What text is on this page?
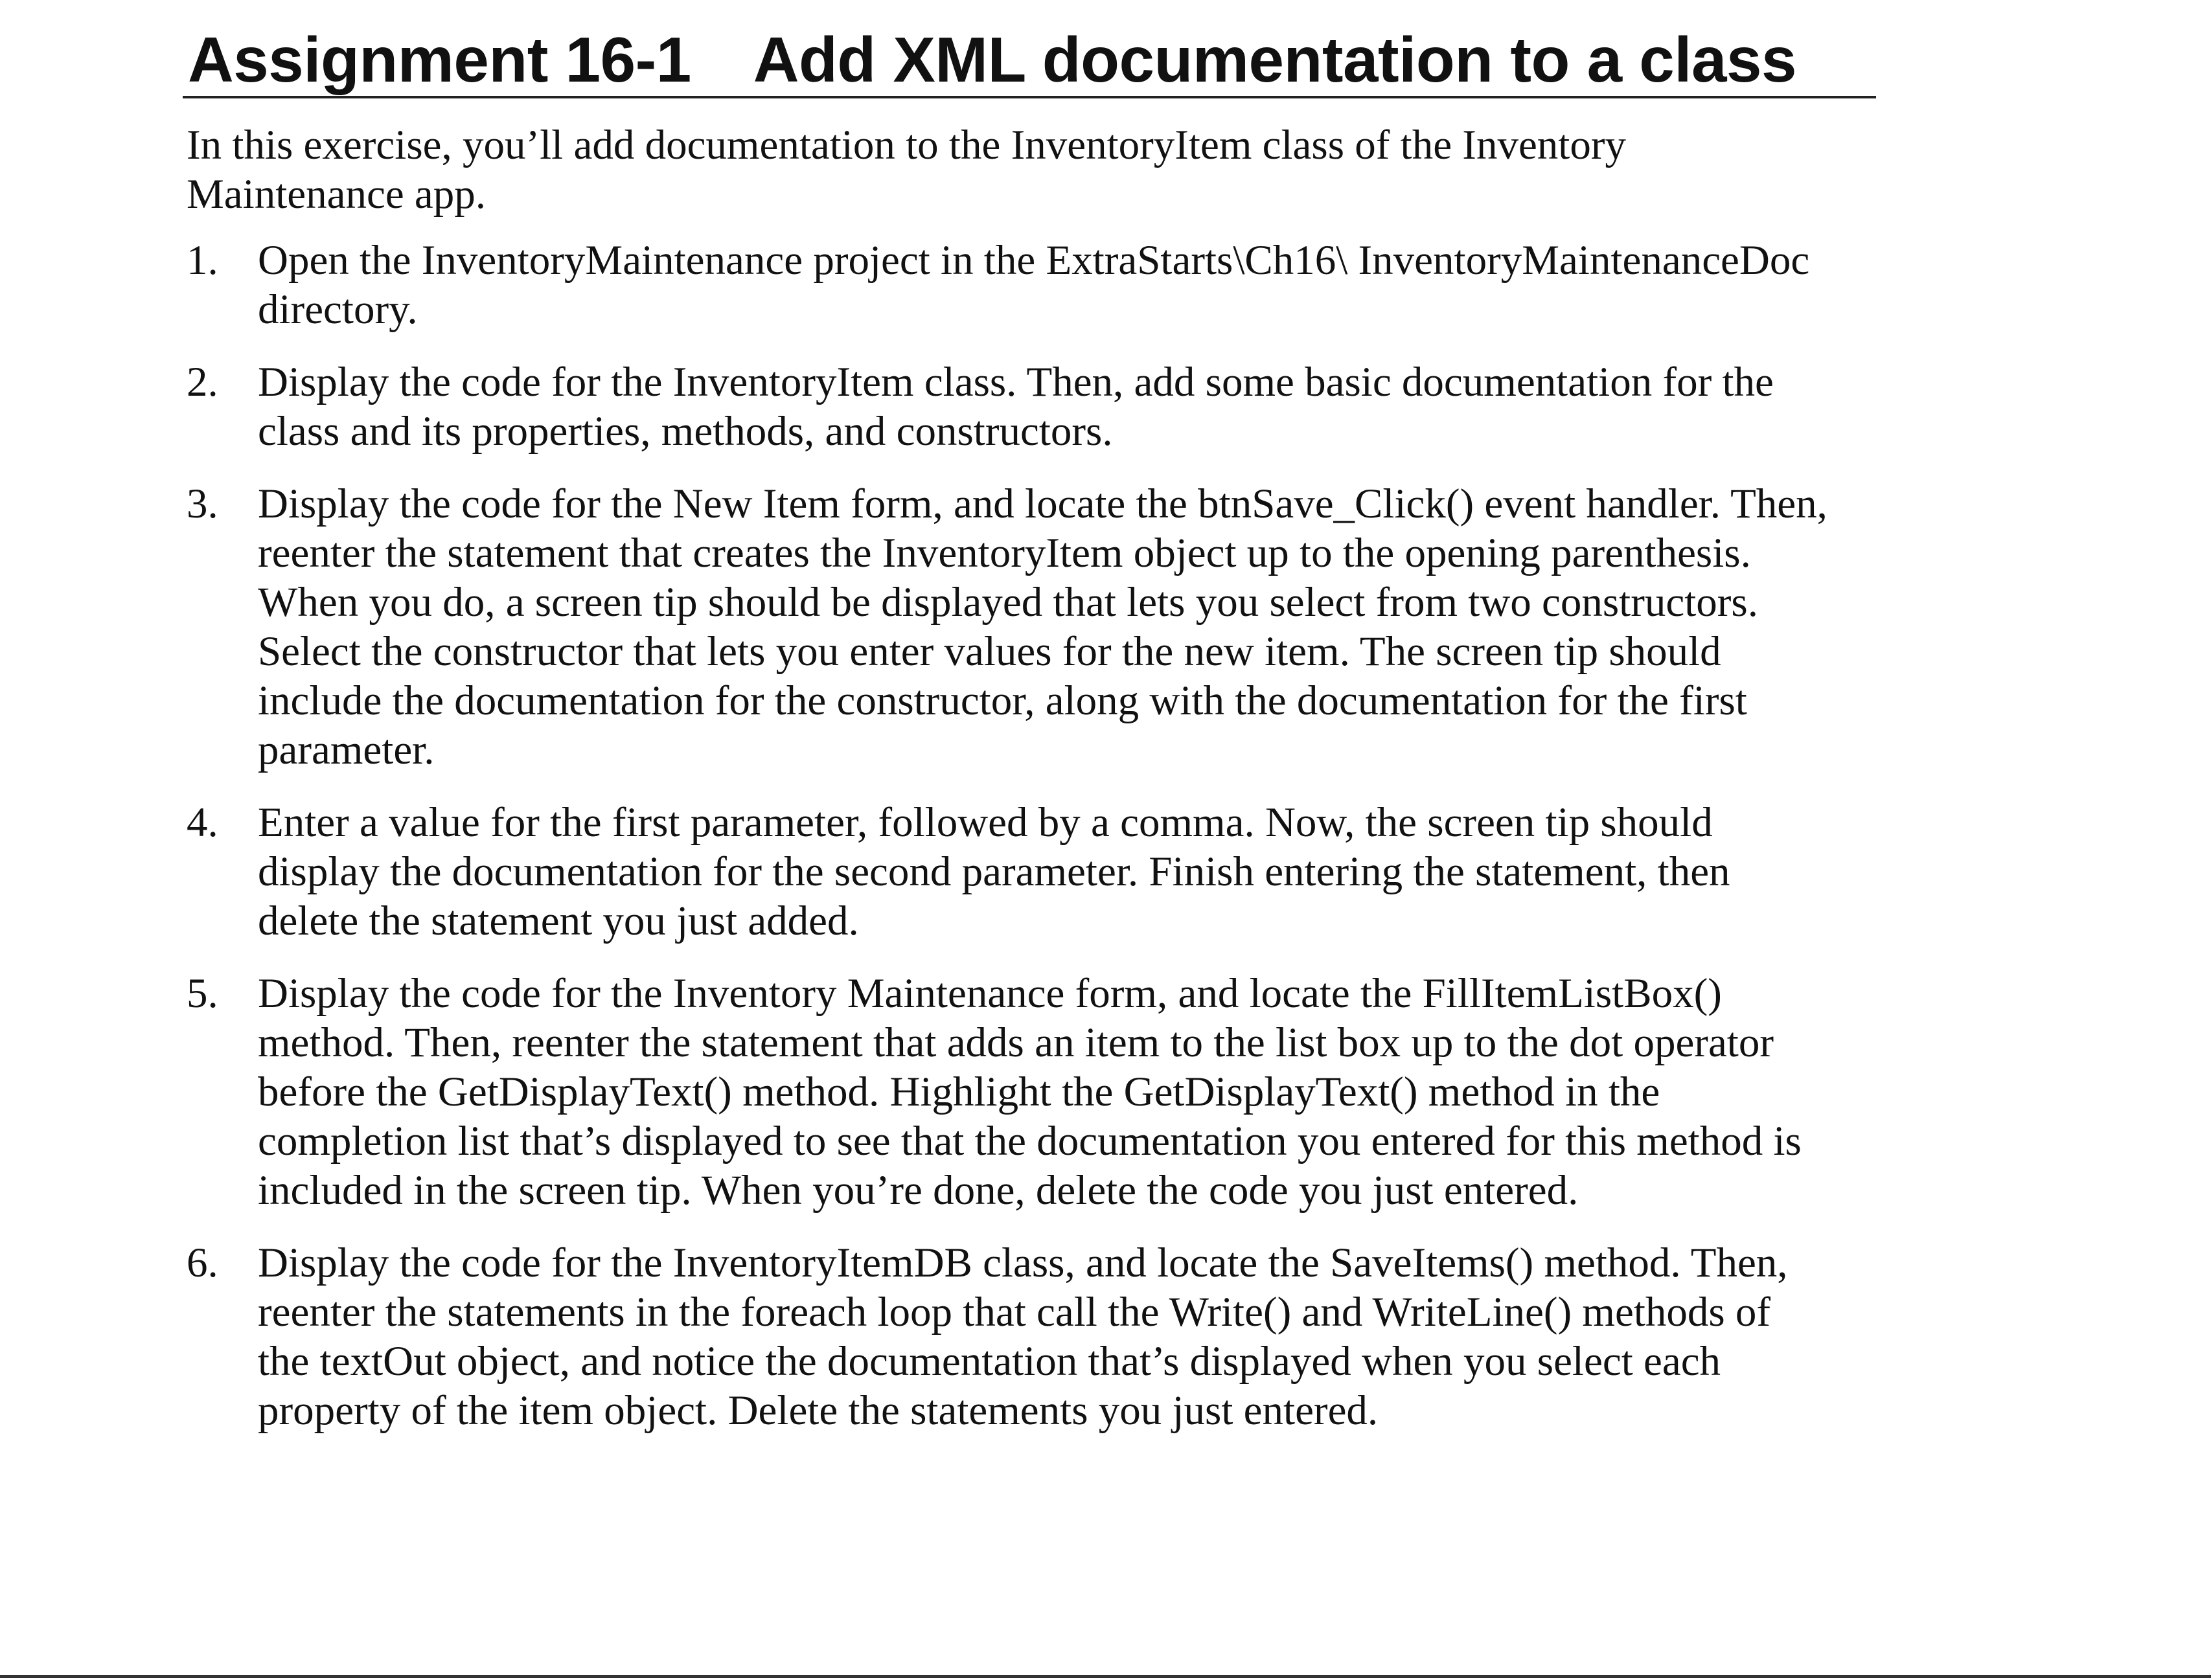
Assignment 16-1 Add XML documentation to a class

In this exercise, you’ll add documentation to the InventoryItem class of the Inventory Maintenance app.

1. Open the InventoryMaintenance project in the ExtraStarts\Ch16\ InventoryMaintenanceDoc directory.
2. Display the code for the InventoryItem class. Then, add some basic documentation for the class and its properties, methods, and constructors.
3. Display the code for the New Item form, and locate the btnSave_Click() event handler. Then, reenter the statement that creates the InventoryItem object up to the opening parenthesis. When you do, a screen tip should be displayed that lets you select from two constructors. Select the constructor that lets you enter values for the new item. The screen tip should include the documentation for the constructor, along with the documentation for the first parameter.
4. Enter a value for the first parameter, followed by a comma. Now, the screen tip should display the documentation for the second parameter. Finish entering the statement, then delete the statement you just added.
5. Display the code for the Inventory Maintenance form, and locate the FillItemListBox() method. Then, reenter the statement that adds an item to the list box up to the dot operator before the GetDisplayText() method. Highlight the GetDisplayText() method in the completion list that’s displayed to see that the documentation you entered for this method is included in the screen tip. When you’re done, delete the code you just entered.
6. Display the code for the InventoryItemDB class, and locate the SaveItems() method. Then, reenter the statements in the foreach loop that call the Write() and WriteLine() methods of the textOut object, and notice the documentation that’s displayed when you select each property of the item object. Delete the statements you just entered.
